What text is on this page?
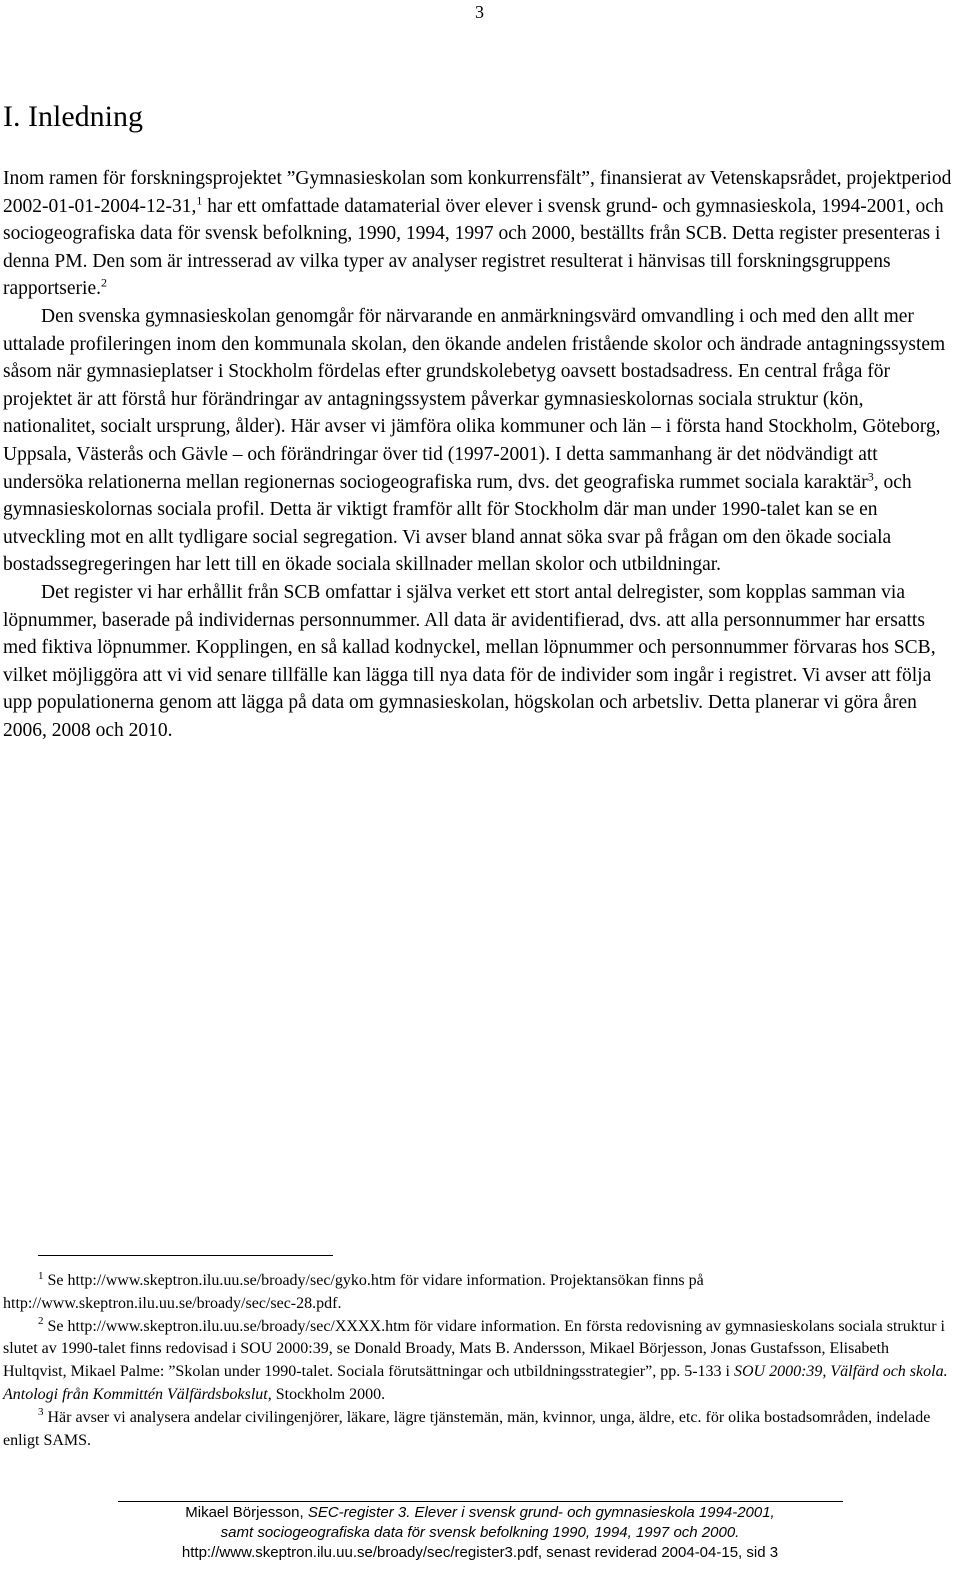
3
I. Inledning

Inom ramen för forskningsprojektet ”Gymnasieskolan som konkurrensfält”, finansierat av Vetenskapsrådet, projektperiod 2002-01-01-2004-12-31,$^1$ har ett omfattade datamaterial över elever i svensk grund- och gymnasieskola, 1994-2001, och sociogeografiska data för svensk befolkning, 1990, 1994, 1997 och 2000, beställts från SCB. Detta register presenteras i denna PM. Den som är intresserad av vilka typer av analyser registret resulterat i hänvisas till forskningsgruppens rapportserie.$^2$

Den svenska gymnasieskolan genomgår för närvarande en anmärkningsvärd omvandling i och med den allt mer uttalade profileringen inom den kommunala skolan, den ökande andelen fristående skolor och ändrade antagningssystem såsom när gymnasieplatser i Stockholm fördelas efter grundskolebetyg oavsett bostadsadress. En central fråga för projektet är att förstå hur förändringar av antagningssystem påverkar gymnasieskolornas sociala struktur (kön, nationalitet, socialt ursprung, ålder). Här avser vi jämföra olika kommuner och län – i första hand Stockholm, Göteborg, Uppsala, Västerås och Gävle – och förändringar över tid (1997-2001). I detta sammanhang är det nödvändigt att undersöka relationerna mellan regionernas sociogeografiska rum, dvs. det geografiska rummet sociala karaktär$^3$, och gymnasieskolornas sociala profil. Detta är viktigt framför allt för Stockholm där man under 1990-talet kan se en utveckling mot en allt tydligare social segregation. Vi avser bland annat söka svar på frågan om den ökade sociala bostadssegregeringen har lett till en ökade sociala skillnader mellan skolor och utbildningar.

Det register vi har erhållit från SCB omfattar i själva verket ett stort antal delregister, som kopplas samman via löpnummer, baserade på individernas personnummer. All data är avidentifierad, dvs. att alla personnummer har ersatts med fiktiva löpnummer. Kopplingen, en så kallad kodnyckel, mellan löpnummer och personnummer förvaras hos SCB, vilket möjliggöra att vi vid senare tillfälle kan lägga till nya data för de individer som ingår i registret. Vi avser att följa upp populationerna genom att lägga på data om gymnasieskolan, högskolan och arbetsliv. Detta planerar vi göra åren 2006, 2008 och 2010.

$^1$ Se http://www.skeptron.ilu.uu.se/broady/sec/gyko.htm för vidare information. Projektansökan finns på http://www.skeptron.ilu.uu.se/broady/sec/sec-28.pdf.

$^2$ Se http://www.skeptron.ilu.uu.se/broady/sec/XXXX.htm för vidare information. En första redovisning av gymnasieskolans sociala struktur i slutet av 1990-talet finns redovisad i SOU 2000:39, se Donald Broady, Mats B. Andersson, Mikael Börjesson, Jonas Gustafsson, Elisabeth Hultqvist, Mikael Palme: ”Skolan under 1990-talet. Sociala förutsättningar och utbildningsstrategier”, pp. 5-133 i SOU 2000:39, Välfärd och skola. Antologi från Kommittén Välfärdsbokslut, Stockholm 2000.

$^3$ Här avser vi analysera andelar civilingenjörer, läkare, lägre tjänstemän, män, kvinnor, unga, äldre, etc. för olika bostadsområden, indelade enligt SAMS.

Mikael Börjesson, SEC-register 3. Elever i svensk grund- och gymnasieskola 1994-2001,
samt sociogeografiska data för svensk befolkning 1990, 1994, 1997 och 2000.
http://www.skeptron.ilu.uu.se/broady/sec/register3.pdf, senast reviderad 2004-04-15, sid 3
